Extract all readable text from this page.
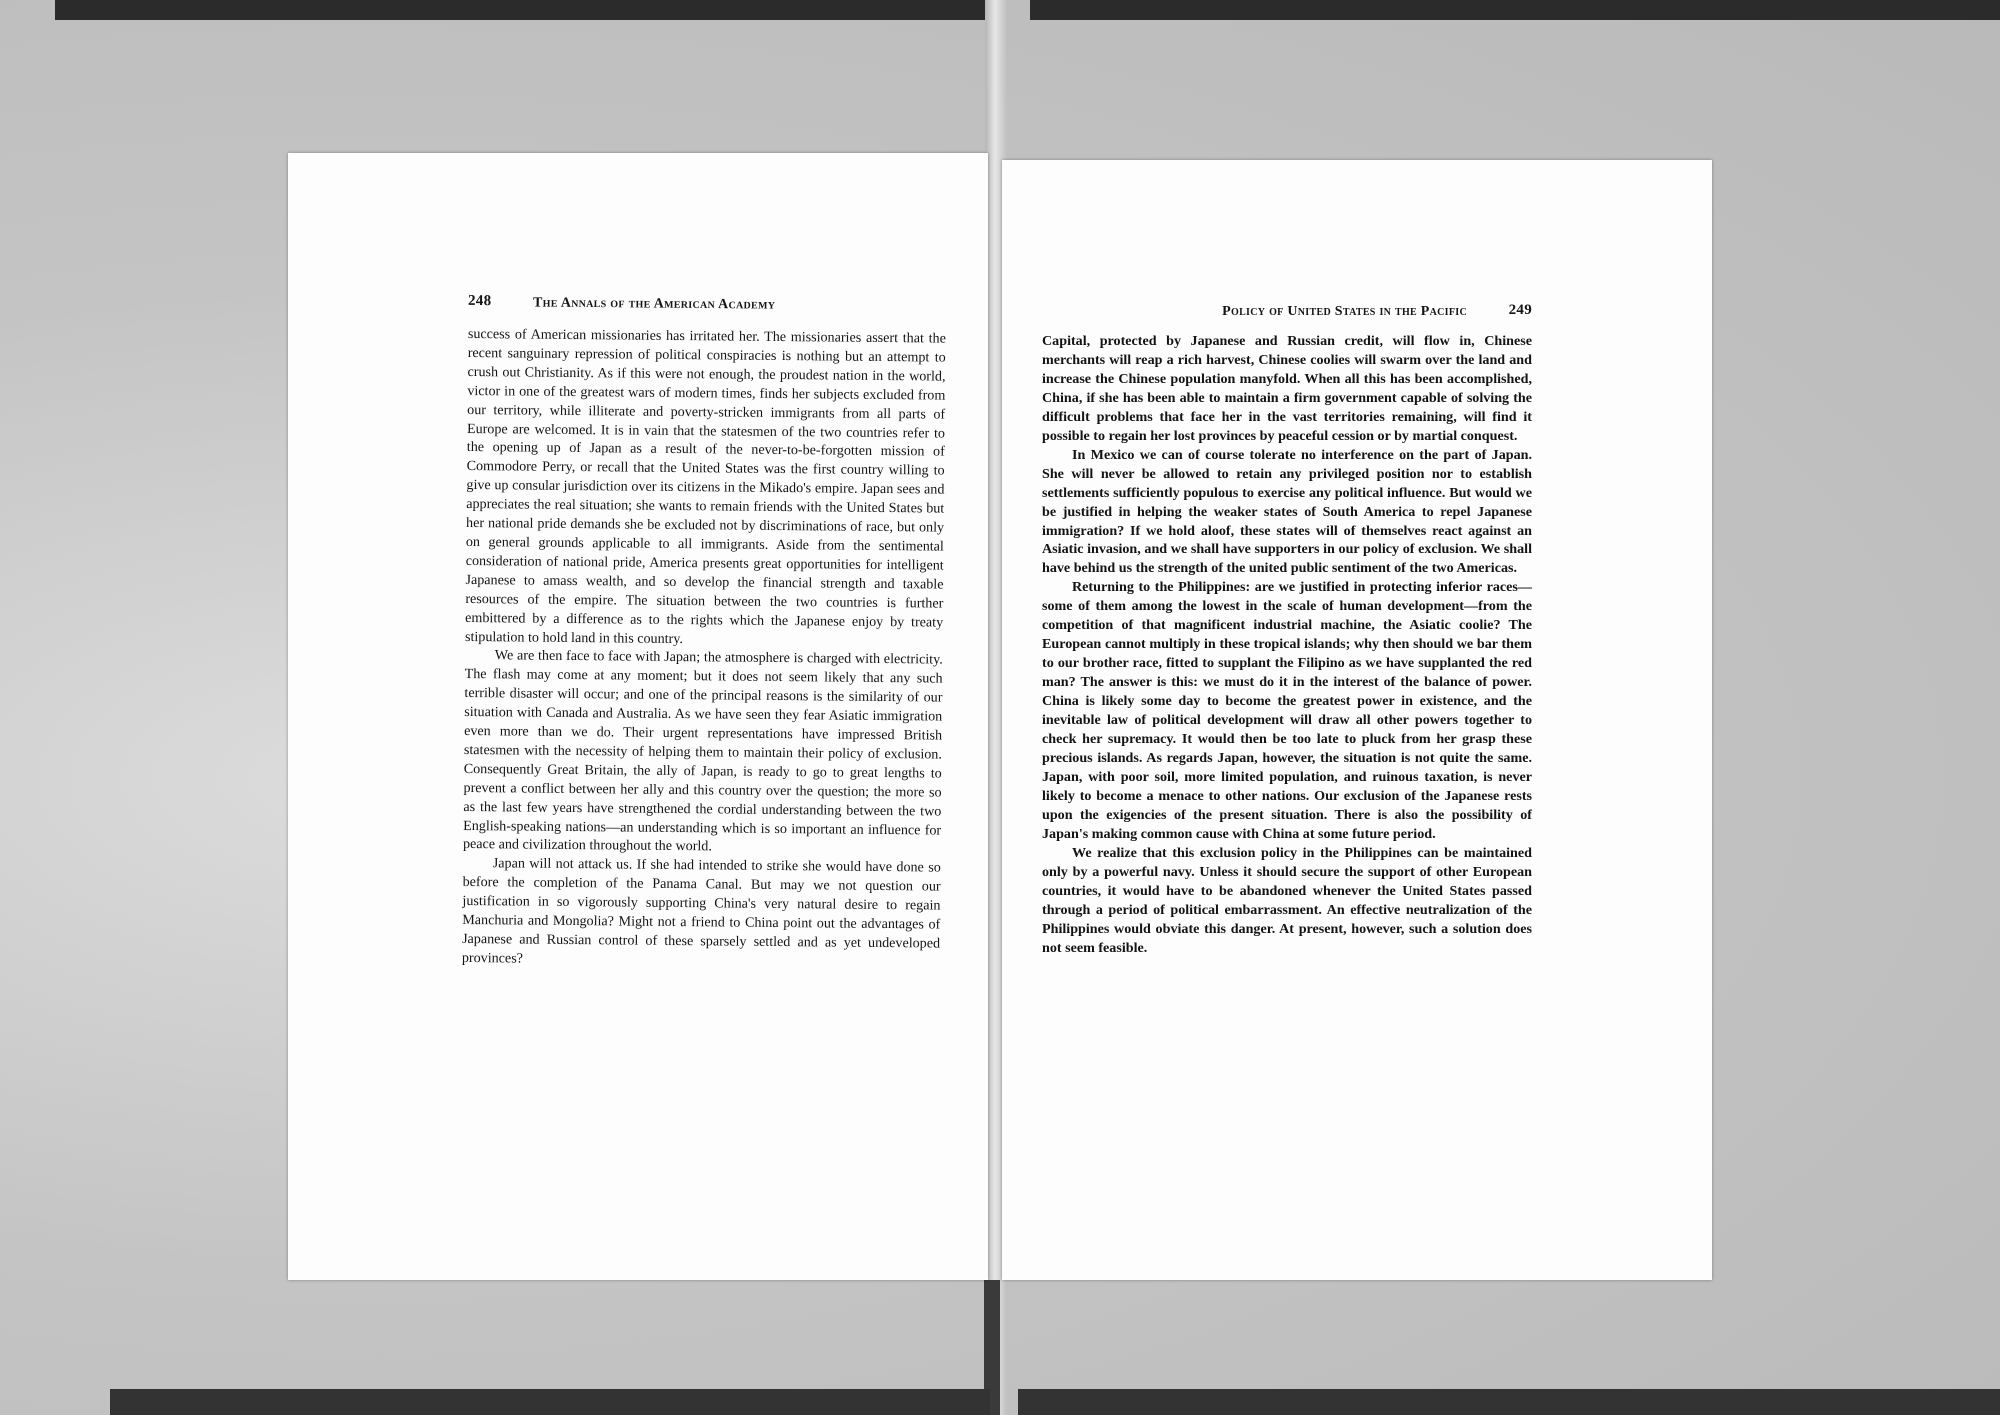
248	The Annals of the American Academy

success of American missionaries has irritated her. The missionaries assert that the recent sanguinary repression of political conspiracies is nothing but an attempt to crush out Christianity. As if this were not enough, the proudest nation in the world, victor in one of the greatest wars of modern times, finds her subjects excluded from our territory, while illiterate and poverty-stricken immigrants from all parts of Europe are welcomed. It is in vain that the statesmen of the two countries refer to the opening up of Japan as a result of the never-to-be-forgotten mission of Commodore Perry, or recall that the United States was the first country willing to give up consular jurisdiction over its citizens in the Mikado's empire. Japan sees and appreciates the real situation; she wants to remain friends with the United States but her national pride demands she be excluded not by discriminations of race, but only on general grounds applicable to all immigrants. Aside from the sentimental consideration of national pride, America presents great opportunities for intelligent Japanese to amass wealth, and so develop the financial strength and taxable resources of the empire. The situation between the two countries is further embittered by a difference as to the rights which the Japanese enjoy by treaty stipulation to hold land in this country.

We are then face to face with Japan; the atmosphere is charged with electricity. The flash may come at any moment; but it does not seem likely that any such terrible disaster will occur; and one of the principal reasons is the similarity of our situation with Canada and Australia. As we have seen they fear Asiatic immigration even more than we do. Their urgent representations have impressed British statesmen with the necessity of helping them to maintain their policy of exclusion. Consequently Great Britain, the ally of Japan, is ready to go to great lengths to prevent a conflict between her ally and this country over the question; the more so as the last few years have strengthened the cordial understanding between the two English-speaking nations—an understanding which is so important an influence for peace and civilization throughout the world.

Japan will not attack us. If she had intended to strike she would have done so before the completion of the Panama Canal. But may we not question our justification in so vigorously supporting China's very natural desire to regain Manchuria and Mongolia? Might not a friend to China point out the advantages of Japanese and Russian control of these sparsely settled and as yet undeveloped provinces?

Policy of United States in the Pacific	249

Capital, protected by Japanese and Russian credit, will flow in, Chinese merchants will reap a rich harvest, Chinese coolies will swarm over the land and increase the Chinese population manyfold. When all this has been accomplished, China, if she has been able to maintain a firm government capable of solving the difficult problems that face her in the vast territories remaining, will find it possible to regain her lost provinces by peaceful cession or by martial conquest.

In Mexico we can of course tolerate no interference on the part of Japan. She will never be allowed to retain any privileged position nor to establish settlements sufficiently populous to exercise any political influence. But would we be justified in helping the weaker states of South America to repel Japanese immigration? If we hold aloof, these states will of themselves react against an Asiatic invasion, and we shall have supporters in our policy of exclusion. We shall have behind us the strength of the united public sentiment of the two Americas.

Returning to the Philippines: are we justified in protecting inferior races—some of them among the lowest in the scale of human development—from the competition of that magnificent industrial machine, the Asiatic coolie? The European cannot multiply in these tropical islands; why then should we bar them to our brother race, fitted to supplant the Filipino as we have supplanted the red man? The answer is this: we must do it in the interest of the balance of power. China is likely some day to become the greatest power in existence, and the inevitable law of political development will draw all other powers together to check her supremacy. It would then be too late to pluck from her grasp these precious islands. As regards Japan, however, the situation is not quite the same. Japan, with poor soil, more limited population, and ruinous taxation, is never likely to become a menace to other nations. Our exclusion of the Japanese rests upon the exigencies of the present situation. There is also the possibility of Japan's making common cause with China at some future period.

We realize that this exclusion policy in the Philippines can be maintained only by a powerful navy. Unless it should secure the support of other European countries, it would have to be abandoned whenever the United States passed through a period of political embarrassment. An effective neutralization of the Philippines would obviate this danger. At present, however, such a solution does not seem feasible.
